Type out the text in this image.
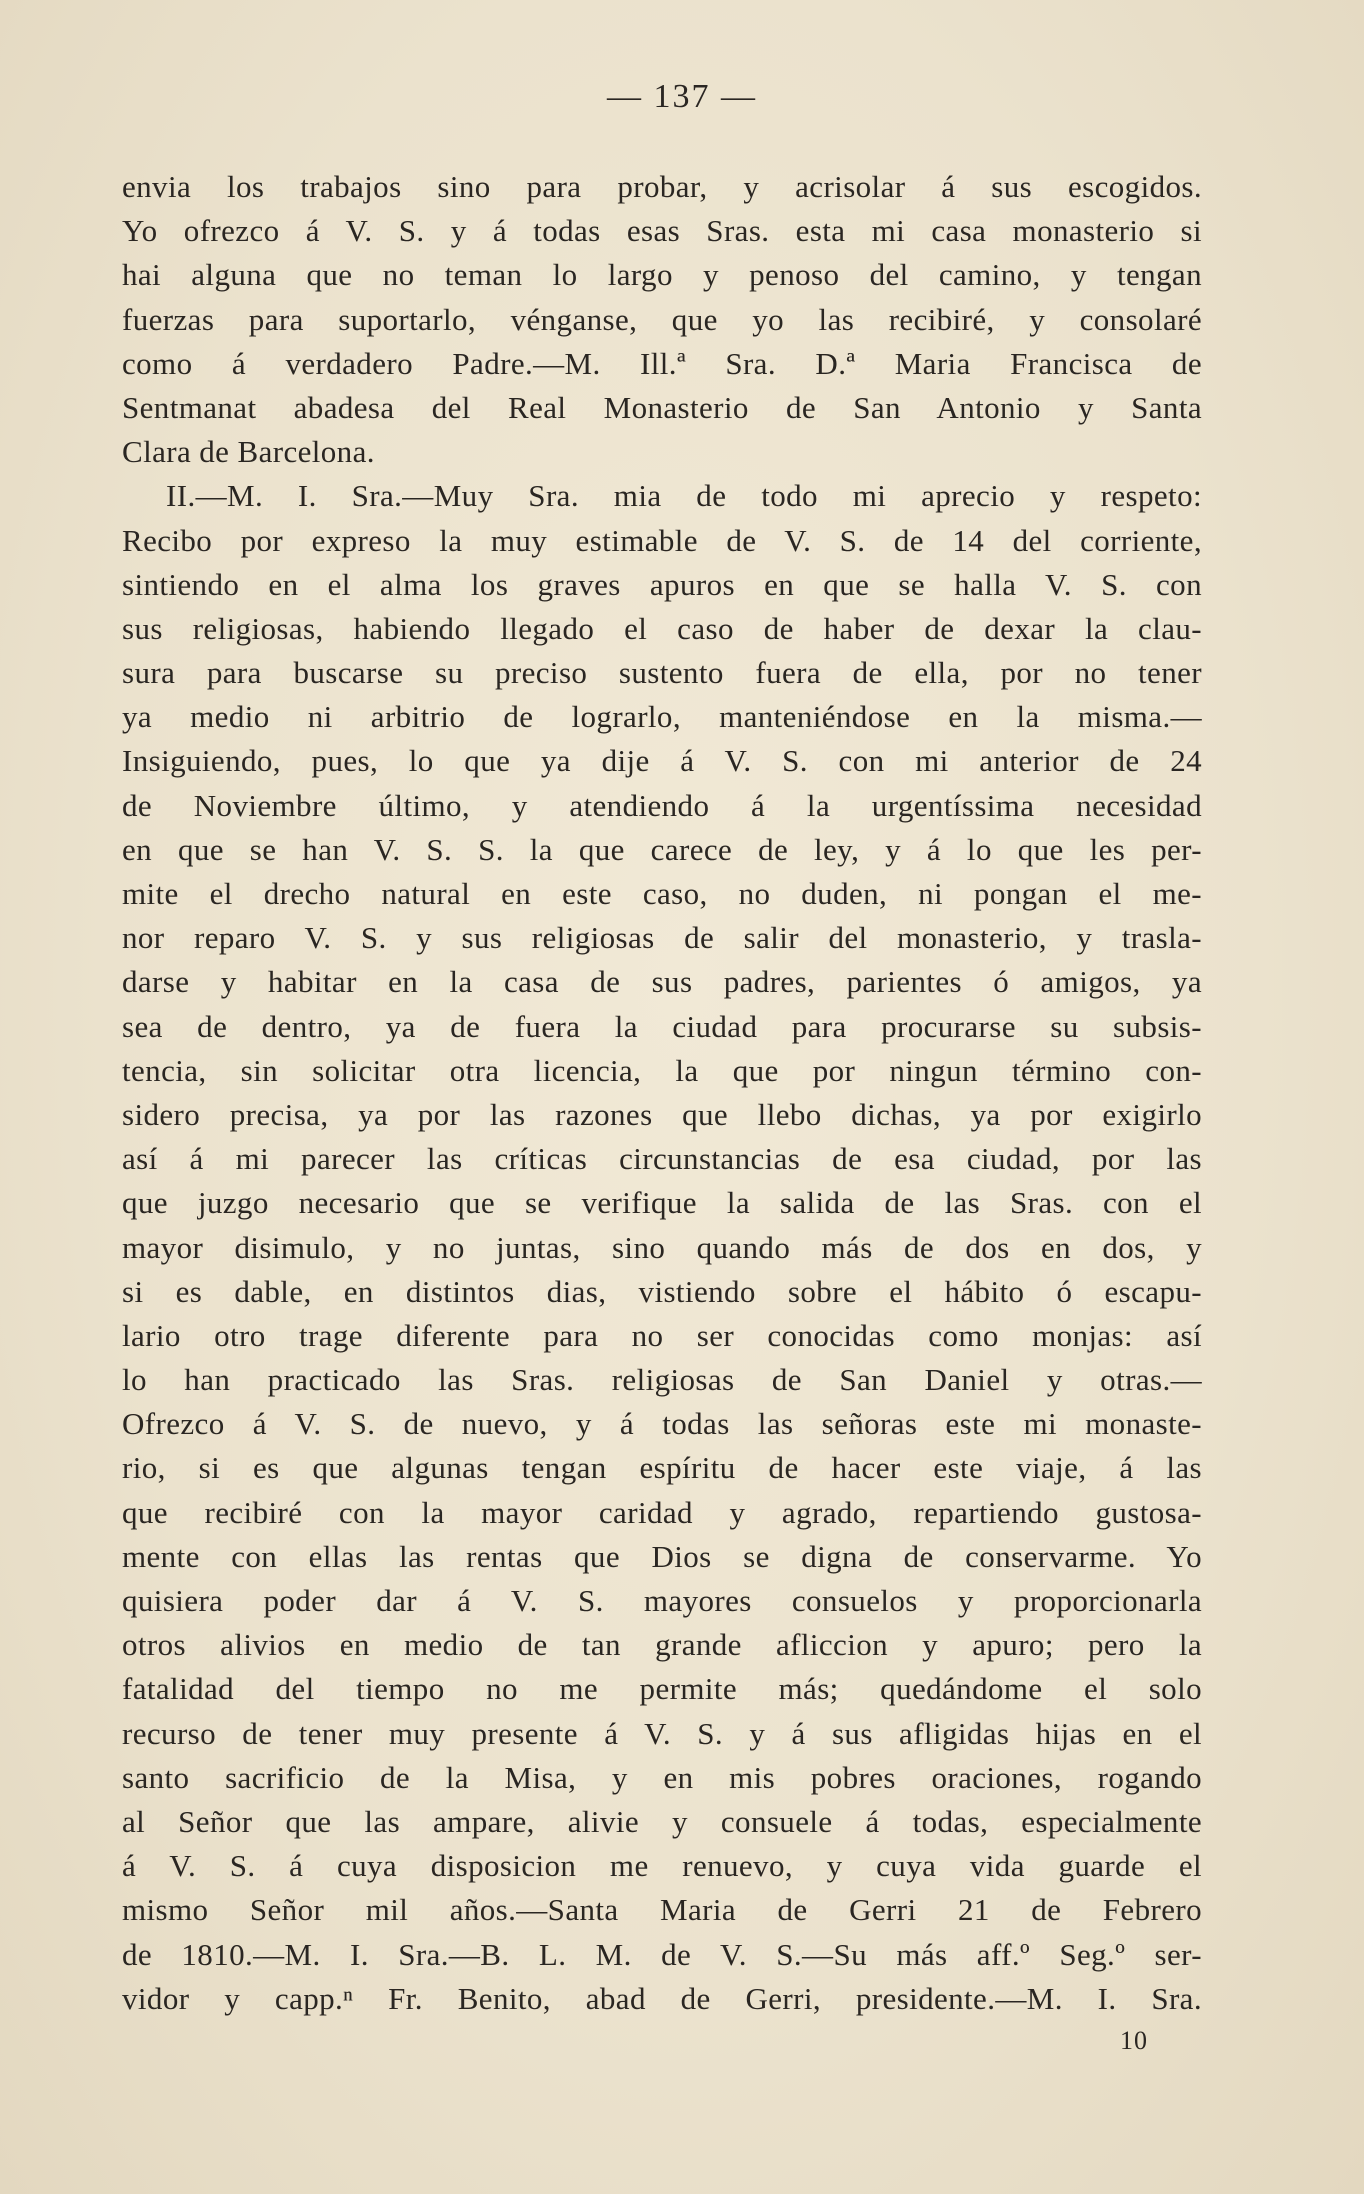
— 137 —
envia los trabajos sino para probar, y acrisolar á sus escogidos.
Yo ofrezco á V. S. y á todas esas Sras. esta mi casa monasterio si
hai alguna que no teman lo largo y penoso del camino, y tengan
fuerzas para suportarlo, vénganse, que yo las recibiré, y consolaré
como á verdadero Padre.—M. Ill.ª Sra. D.ª Maria Francisca de
Sentmanat abadesa del Real Monasterio de San Antonio y Santa
Clara de Barcelona.
II.—M. I. Sra.—Muy Sra. mia de todo mi aprecio y respeto:
Recibo por expreso la muy estimable de V. S. de 14 del corriente,
sintiendo en el alma los graves apuros en que se halla V. S. con
sus religiosas, habiendo llegado el caso de haber de dexar la clau-
sura para buscarse su preciso sustento fuera de ella, por no tener
ya medio ni arbitrio de lograrlo, manteniéndose en la misma.—
Insiguiendo, pues, lo que ya dije á V. S. con mi anterior de 24
de Noviembre último, y atendiendo á la urgentíssima necesidad
en que se han V. S. S. la que carece de ley, y á lo que les per-
mite el drecho natural en este caso, no duden, ni pongan el me-
nor reparo V. S. y sus religiosas de salir del monasterio, y trasla-
darse y habitar en la casa de sus padres, parientes ó amigos, ya
sea de dentro, ya de fuera la ciudad para procurarse su subsis-
tencia, sin solicitar otra licencia, la que por ningun término con-
sidero precisa, ya por las razones que llebo dichas, ya por exigirlo
así á mi parecer las críticas circunstancias de esa ciudad, por las
que juzgo necesario que se verifique la salida de las Sras. con el
mayor disimulo, y no juntas, sino quando más de dos en dos, y
si es dable, en distintos dias, vistiendo sobre el hábito ó escapu-
lario otro trage diferente para no ser conocidas como monjas: así
lo han practicado las Sras. religiosas de San Daniel y otras.—
Ofrezco á V. S. de nuevo, y á todas las señoras este mi monaste-
rio, si es que algunas tengan espíritu de hacer este viaje, á las
que recibiré con la mayor caridad y agrado, repartiendo gustosa-
mente con ellas las rentas que Dios se digna de conservarme. Yo
quisiera poder dar á V. S. mayores consuelos y proporcionarla
otros alivios en medio de tan grande afliccion y apuro; pero la
fatalidad del tiempo no me permite más; quedándome el solo
recurso de tener muy presente á V. S. y á sus afligidas hijas en el
santo sacrificio de la Misa, y en mis pobres oraciones, rogando
al Señor que las ampare, alivie y consuele á todas, especialmente
á V. S. á cuya disposicion me renuevo, y cuya vida guarde el
mismo Señor mil años.—Santa Maria de Gerri 21 de Febrero
de 1810.—M. I. Sra.—B. L. M. de V. S.—Su más aff.º Seg.º ser-
vidor y capp.ⁿ Fr. Benito, abad de Gerri, presidente.—M. I. Sra.
10
